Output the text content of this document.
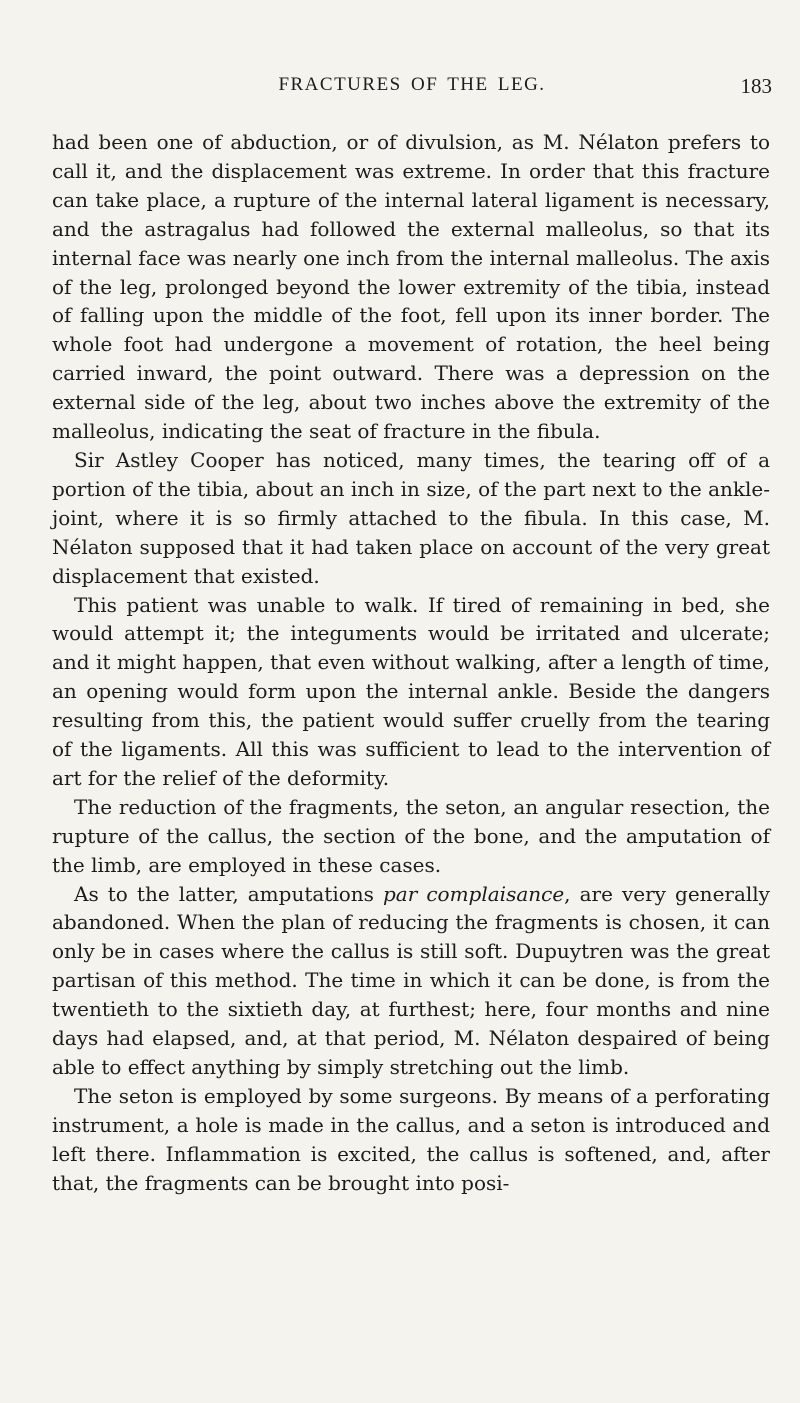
FRACTURES OF THE LEG.	183

had been one of abduction, or of divulsion, as M. Nélaton prefers to call it, and the displacement was extreme. In order that this fracture can take place, a rupture of the internal lateral ligament is necessary, and the astragalus had followed the external malleolus, so that its internal face was nearly one inch from the internal malleolus. The axis of the leg, prolonged beyond the lower extremity of the tibia, instead of falling upon the middle of the foot, fell upon its inner border. The whole foot had undergone a movement of rotation, the heel being carried inward, the point outward. There was a depression on the external side of the leg, about two inches above the extremity of the malleolus, indicating the seat of fracture in the fibula.

Sir Astley Cooper has noticed, many times, the tearing off of a portion of the tibia, about an inch in size, of the part next to the ankle-joint, where it is so firmly attached to the fibula. In this case, M. Nélaton supposed that it had taken place on account of the very great displacement that existed.

This patient was unable to walk. If tired of remaining in bed, she would attempt it; the integuments would be irritated and ulcerate; and it might happen, that even without walking, after a length of time, an opening would form upon the internal ankle. Beside the dangers resulting from this, the patient would suffer cruelly from the tearing of the ligaments. All this was sufficient to lead to the intervention of art for the relief of the deformity.

The reduction of the fragments, the seton, an angular resection, the rupture of the callus, the section of the bone, and the amputation of the limb, are employed in these cases.

As to the latter, amputations par complaisance, are very generally abandoned. When the plan of reducing the fragments is chosen, it can only be in cases where the callus is still soft. Dupuytren was the great partisan of this method. The time in which it can be done, is from the twentieth to the sixtieth day, at furthest; here, four months and nine days had elapsed, and, at that period, M. Nélaton despaired of being able to effect anything by simply stretching out the limb.

The seton is employed by some surgeons. By means of a perforating instrument, a hole is made in the callus, and a seton is introduced and left there. Inflammation is excited, the callus is softened, and, after that, the fragments can be brought into posi-
